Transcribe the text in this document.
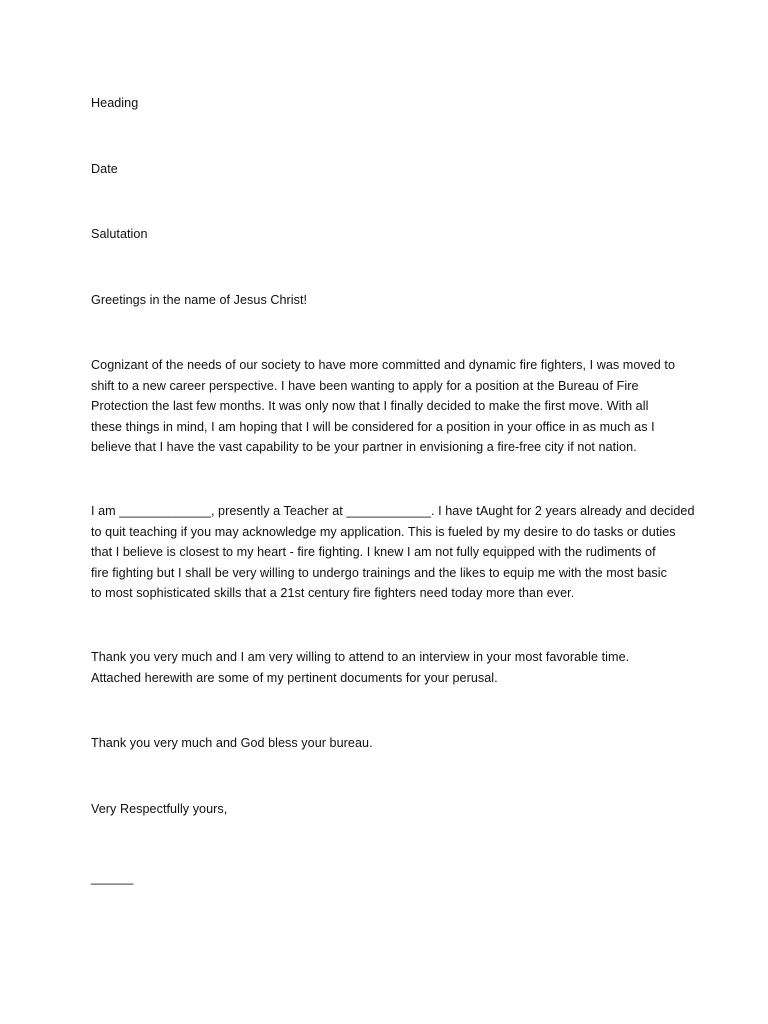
Heading

Date

Salutation

Greetings in the name of Jesus Christ!

Cognizant of the needs of our society to have more committed and dynamic fire fighters, I was moved to
shift to a new career perspective. I have been wanting to apply for a position at the Bureau of Fire
Protection the last few months. It was only now that I finally decided to make the first move. With all
these things in mind, I am hoping that I will be considered for a position in your office in as much as I
believe that I have the vast capability to be your partner in envisioning a fire-free city if not nation.
I am _____________, presently a Teacher at ____________. I have tAught for 2 years already and decided
to quit teaching if you may acknowledge my application. This is fueled by my desire to do tasks or duties
that I believe is closest to my heart - fire fighting. I knew I am not fully equipped with the rudiments of
fire fighting but I shall be very willing to undergo trainings and the likes to equip me with the most basic
to most sophisticated skills that a 21st century fire fighters need today more than ever.
Thank you very much and I am very willing to attend to an interview in your most favorable time.
Attached herewith are some of my pertinent documents for your perusal.

Thank you very much and God bless your bureau.

Very Respectfully yours,

______
